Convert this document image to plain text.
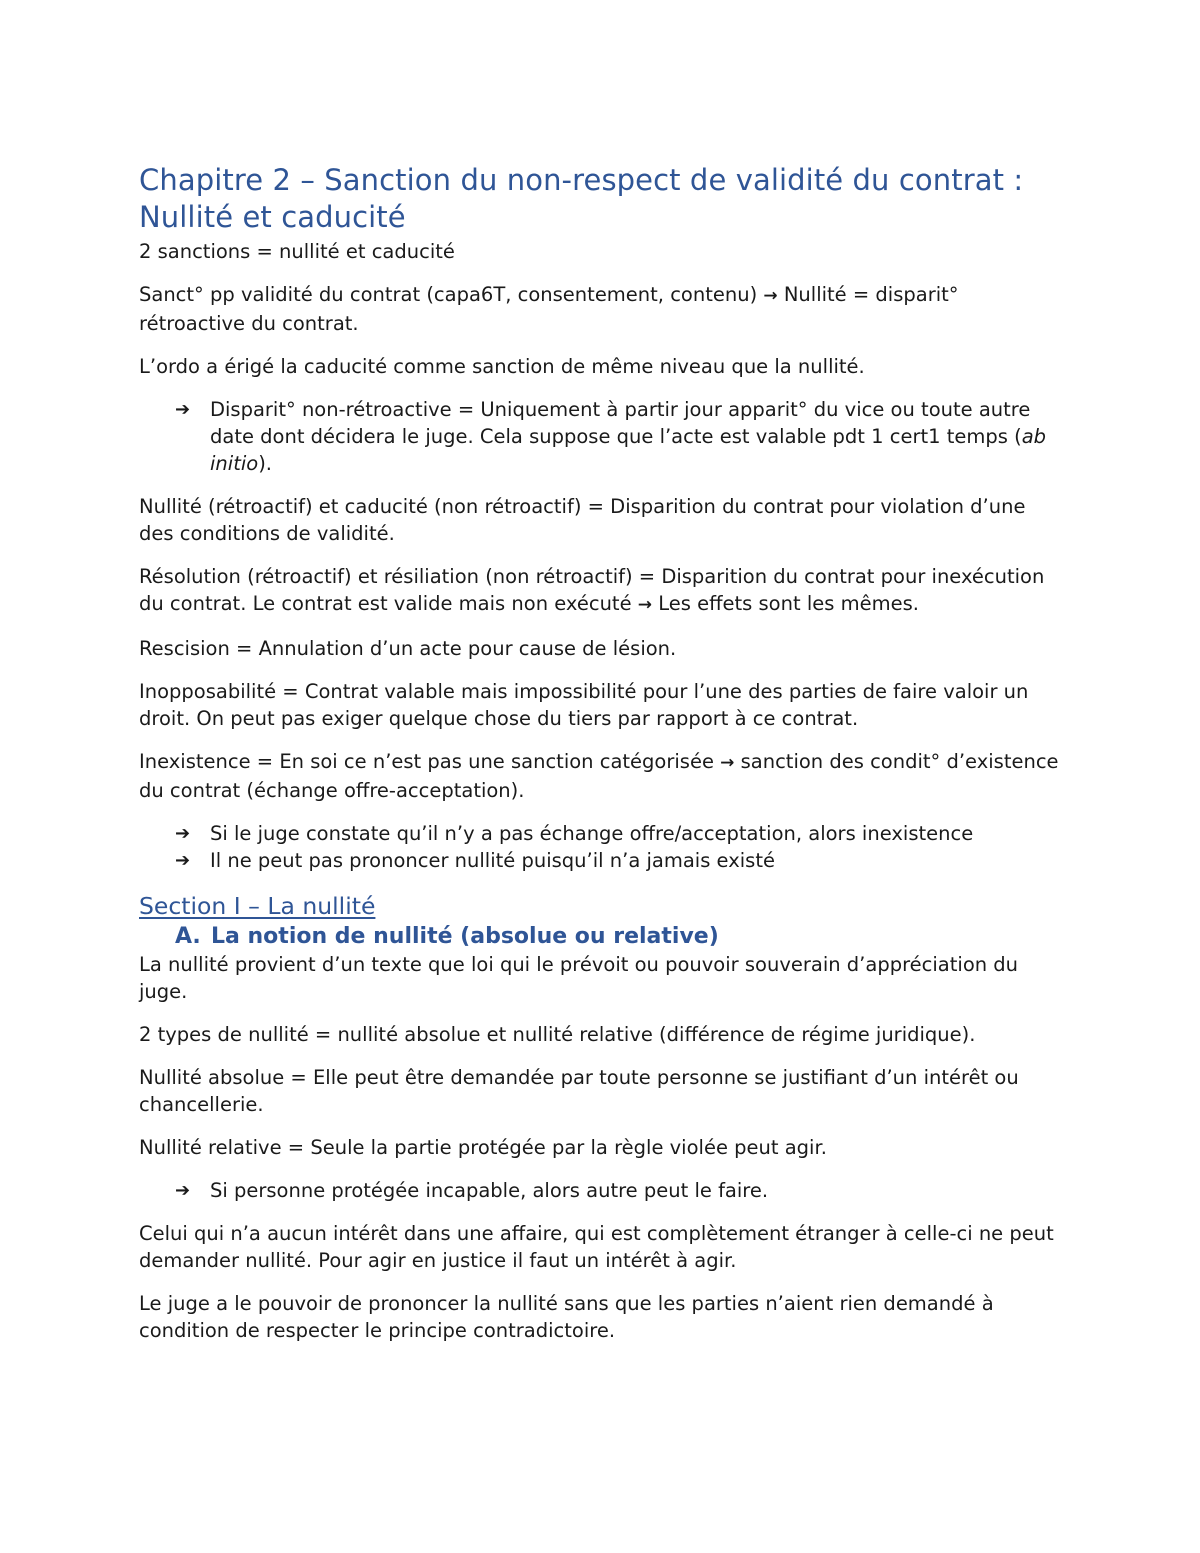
Chapitre 2 – Sanction du non-respect de validité du contrat : Nullité et caducité

2 sanctions = nullité et caducité

Sanct° pp validité du contrat (capa6T, consentement, contenu) → Nullité = disparit° rétroactive du contrat.

L’ordo a érigé la caducité comme sanction de même niveau que la nullité.

➔ Disparit° non-rétroactive = Uniquement à partir jour apparit° du vice ou toute autre date dont décidera le juge. Cela suppose que l’acte est valable pdt 1 cert1 temps (ab initio).

Nullité (rétroactif) et caducité (non rétroactif) = Disparition du contrat pour violation d’une des conditions de validité.

Résolution (rétroactif) et résiliation (non rétroactif) = Disparition du contrat pour inexécution du contrat. Le contrat est valide mais non exécuté → Les effets sont les mêmes.

Rescision = Annulation d’un acte pour cause de lésion.

Inopposabilité = Contrat valable mais impossibilité pour l’une des parties de faire valoir un droit. On peut pas exiger quelque chose du tiers par rapport à ce contrat.

Inexistence = En soi ce n’est pas une sanction catégorisée → sanction des condit° d’existence du contrat (échange offre-acceptation).

➔ Si le juge constate qu’il n’y a pas échange offre/acceptation, alors inexistence
➔ Il ne peut pas prononcer nullité puisqu’il n’a jamais existé
Section I – La nullité
A. La notion de nullité (absolue ou relative)

La nullité provient d’un texte que loi qui le prévoit ou pouvoir souverain d’appréciation du juge.

2 types de nullité = nullité absolue et nullité relative (différence de régime juridique).

Nullité absolue = Elle peut être demandée par toute personne se justifiant d’un intérêt ou chancellerie.

Nullité relative = Seule la partie protégée par la règle violée peut agir.

➔ Si personne protégée incapable, alors autre peut le faire.

Celui qui n’a aucun intérêt dans une affaire, qui est complètement étranger à celle-ci ne peut demander nullité. Pour agir en justice il faut un intérêt à agir.

Le juge a le pouvoir de prononcer la nullité sans que les parties n’aient rien demandé à condition de respecter le principe contradictoire.
